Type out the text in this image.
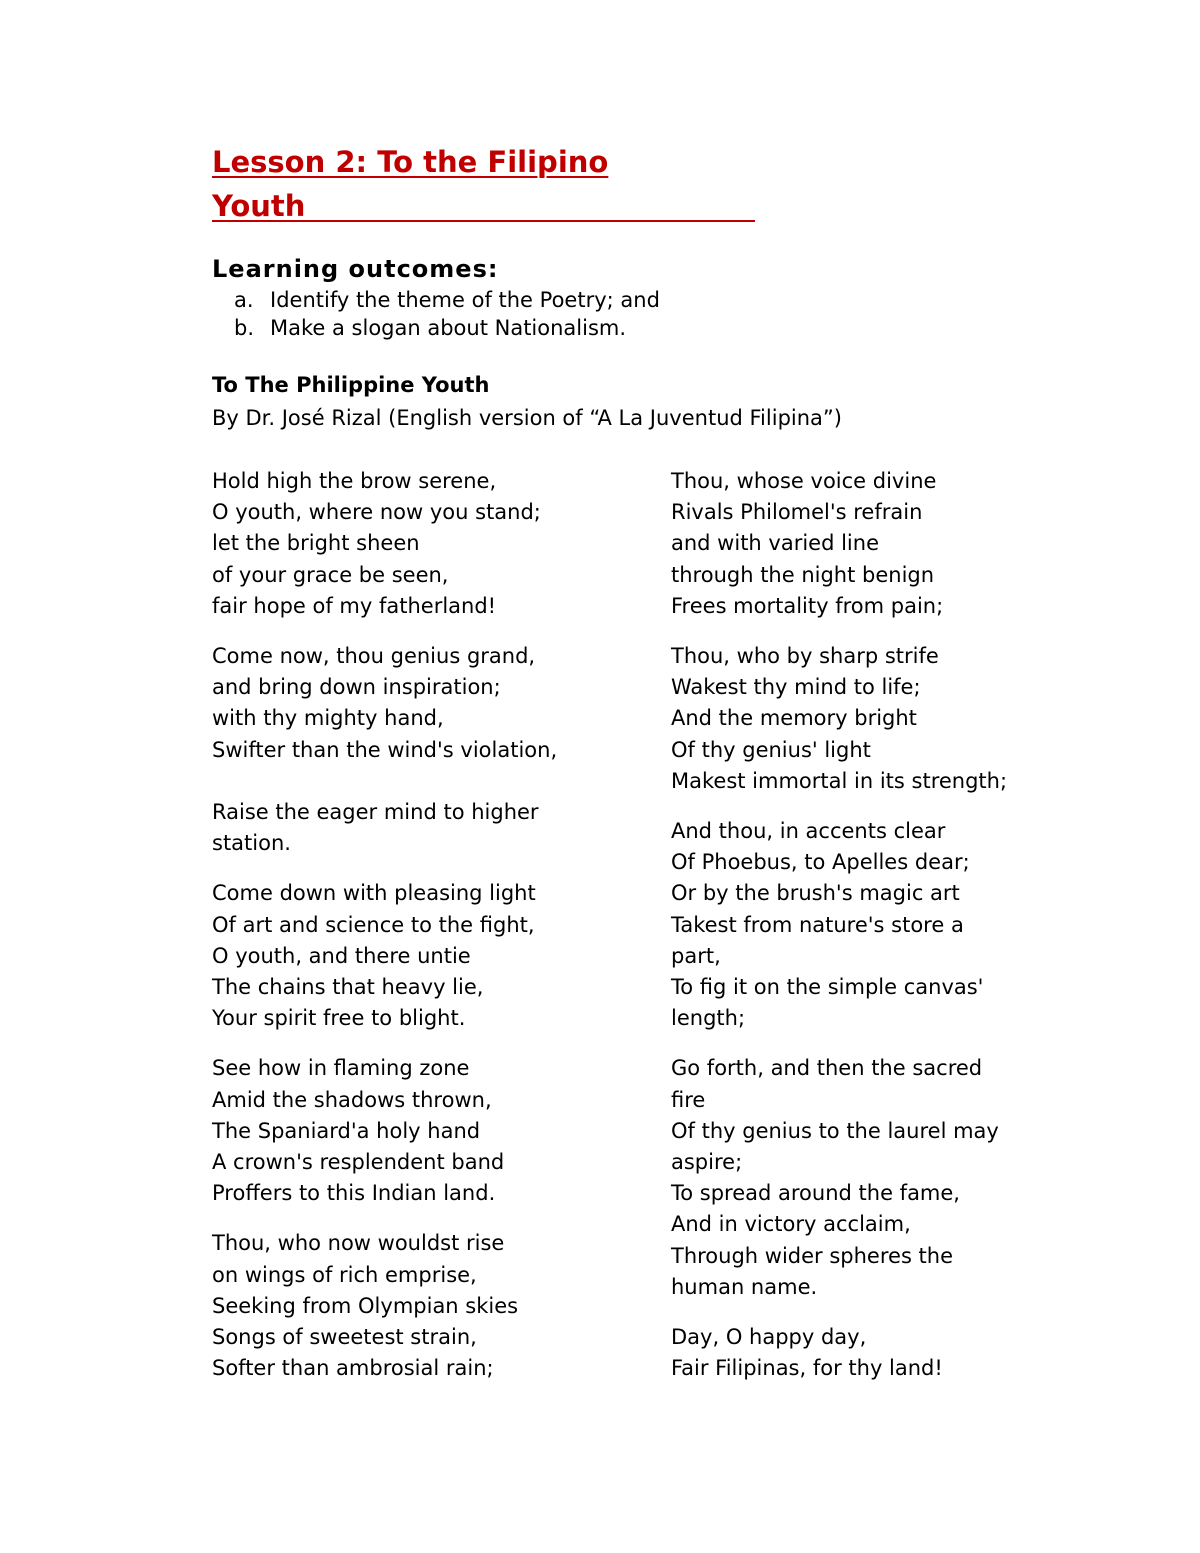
Lesson 2: To the Filipino
Youth
Learning outcomes:
a. Identify the theme of the Poetry; and
b. Make a slogan about Nationalism.
To The Philippine Youth

By Dr. José Rizal (English version of “A La Juventud Filipina”)

Hold high the brow serene,
O youth, where now you stand;
let the bright sheen
of your grace be seen,
fair hope of my fatherland!
Come now, thou genius grand,
and bring down inspiration;
with thy mighty hand,
Swifter than the wind's violation,
Raise the eager mind to higher
station.
Come down with pleasing light
Of art and science to the fight,
O youth, and there untie
The chains that heavy lie,
Your spirit free to blight.
See how in flaming zone
Amid the shadows thrown,
The Spaniard'a holy hand
A crown's resplendent band
Proffers to this Indian land.
Thou, who now wouldst rise
on wings of rich emprise,
Seeking from Olympian skies
Songs of sweetest strain,
Softer than ambrosial rain;
Thou, whose voice divine
Rivals Philomel's refrain
and with varied line
through the night benign
Frees mortality from pain;
Thou, who by sharp strife
Wakest thy mind to life;
And the memory bright
Of thy genius' light
Makest immortal in its strength;
And thou, in accents clear
Of Phoebus, to Apelles dear;
Or by the brush's magic art
Takest from nature's store a
part,
To fig it on the simple canvas'
length;
Go forth, and then the sacred
fire
Of thy genius to the laurel may
aspire;
To spread around the fame,
And in victory acclaim,
Through wider spheres the
human name.
Day, O happy day,
Fair Filipinas, for thy land!
